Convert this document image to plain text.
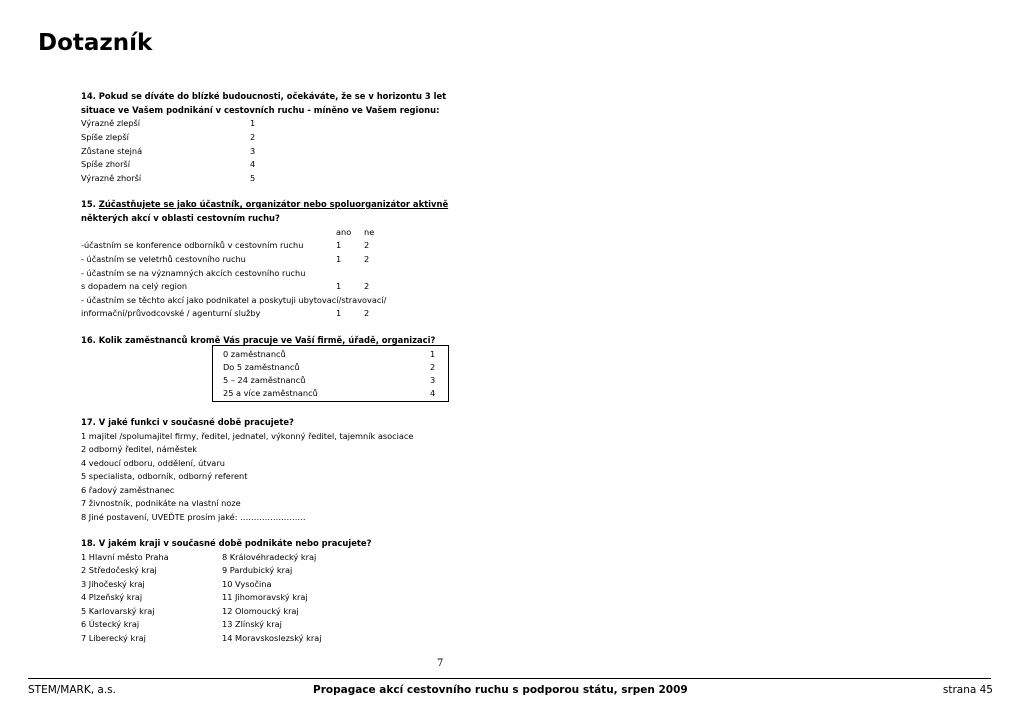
Dotazník
14. Pokud se díváte do blízké budoucnosti, očekáváte, že se v horizontu 3 let
situace ve Vašem podnikání v cestovních ruchu - míněno ve Vašem regionu:
Výrazně zlepší	1
Spíše zlepší	2
Zůstane stejná	3
Spíše zhorší	4
Výrazně zhorší	5
15. Zúčastňujete se jako účastník, organizátor nebo spoluorganizátor aktivně
některých akcí v oblasti cestovním ruchu?
ano ne
-účastním se konference odborníků v cestovním ruchu	1	2
- účastním se veletrhů cestovního ruchu	1	2
- účastním se na významných akcích cestovního ruchu
s dopadem na celý region	1	2
- účastním se těchto akcí jako podnikatel a poskytuji ubytovací/stravovací/
informační/průvodcovské / agenturní služby	1	2
16. Kolik zaměstnanců kromě Vás pracuje ve Vaší firmě, úřadě, organizaci?
0 zaměstnanců	1
Do 5 zaměstnanců	2
5 – 24 zaměstnanců	3
25 a více zaměstnanců	4
17. V jaké funkci v současné době pracujete?
1 majitel /spolumajitel firmy, ředitel, jednatel, výkonný ředitel, tajemník asociace
2 odborný ředitel, náměstek
4 vedoucí odboru, oddělení, útvaru
5 specialista, odborník, odborný referent
6 řadový zaměstnanec
7 živnostník, podnikáte na vlastní noze
8 Jiné postavení, UVEĎTE prosím jaké: ……………………
18. V jakém kraji v současné době podnikáte nebo pracujete?
1 Hlavní město Praha	8 Královéhradecký kraj
2 Středočeský kraj	9 Pardubický kraj
3 Jihočeský kraj	10 Vysočina
4 Plzeňský kraj	11 Jihomoravský kraj
5 Karlovarský kraj	12 Olomoucký kraj
6 Ústecký kraj	13 Zlínský kraj
7 Liberecký kraj	14 Moravskoslezský kraj
7
STEM/MARK, a.s.	Propagace akcí cestovního ruchu s podporou státu, srpen 2009	strana 45
